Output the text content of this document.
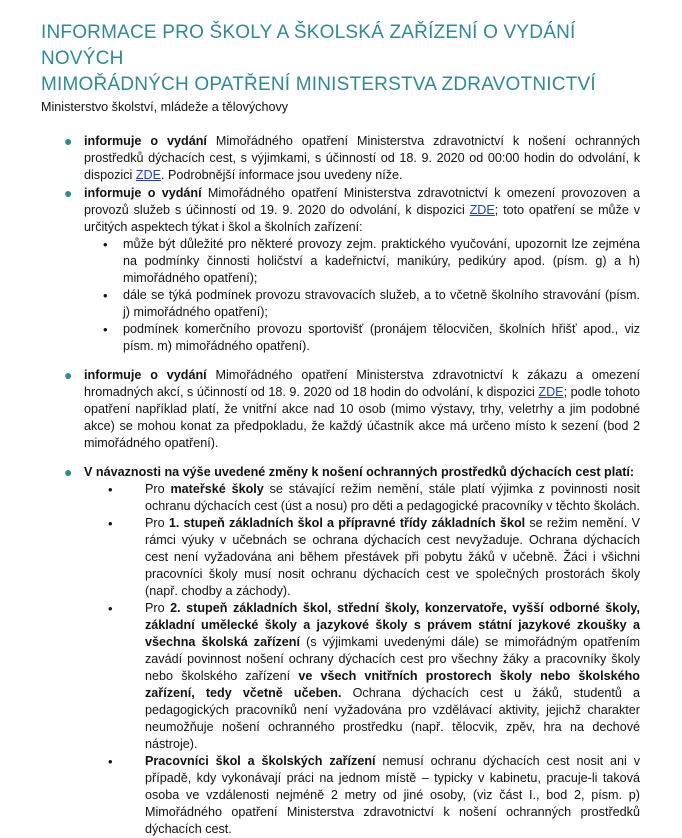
INFORMACE PRO ŠKOLY A ŠKOLSKÁ ZAŘÍZENÍ O VYDÁNÍ NOVÝCH
MIMOŘÁDNÝCH OPATŘENÍ MINISTERSTVA ZDRAVOTNICTVÍ
Ministerstvo školství, mládeže a tělovýchovy
● informuje o vydání Mimořádného opatření Ministerstva zdravotnictví k nošení ochranných prostředků dýchacích cest, s výjimkami, s účinností od 18. 9. 2020 od 00:00 hodin do odvolání, k dispozici ZDE. Podrobnější informace jsou uvedeny níže.
● informuje o vydání Mimořádného opatření Ministerstva zdravotnictví k omezení provozoven a provozů služeb s účinností od 19. 9. 2020 do odvolání, k dispozici ZDE; toto opatření se může v určitých aspektech týkat i škol a školních zařízení:
• může být důležité pro některé provozy zejm. praktického vyučování, upozornit lze zejména na podmínky činnosti holičství a kadeřnictví, manikúry, pedikúry apod. (písm. g) a h) mimořádného opatření);
• dále se týká podmínek provozu stravovacích služeb, a to včetně školního stravování (písm. j) mimořádného opatření);
• podmínek komerčního provozu sportovišť (pronájem tělocvičen, školních hřišť apod., viz písm. m) mimořádného opatření).
● informuje o vydání Mimořádného opatření Ministerstva zdravotnictví k zákazu a omezení hromadných akcí, s účinností od 18. 9. 2020 od 18 hodin do odvolání, k dispozici ZDE; podle tohoto opatření například platí, že vnitřní akce nad 10 osob (mimo výstavy, trhy, veletrhy a jim podobné akce) se mohou konat za předpokladu, že každý účastník akce má určeno místo k sezení (bod 2 mimořádného opatření).
● V návaznosti na výše uvedené změny k nošení ochranných prostředků dýchacích cest platí:
•	Pro mateřské školy se stávající režim nemění, stále platí výjimka z povinnosti nosit ochranu dýchacích cest (úst a nosu) pro děti a pedagogické pracovníky v těchto školách.
•	Pro 1. stupeň základních škol a přípravné třídy základních škol se režim nemění. V rámci výuky v učebnách se ochrana dýchacích cest nevyžaduje. Ochrana dýchacích cest není vyžadována ani během přestávek při pobytu žáků v učebně. Žáci i všichni pracovníci školy musí nosit ochranu dýchacích cest ve společných prostorách školy (např. chodby a záchody).
•	Pro 2. stupeň základních škol, střední školy, konzervatoře, vyšší odborné školy, základní umělecké školy a jazykové školy s právem státní jazykové zkoušky a všechna školská zařízení (s výjimkami uvedenými dále) se mimořádným opatřením zavádí povinnost nošení ochrany dýchacích cest pro všechny žáky a pracovníky školy nebo školského zařízení ve všech vnitřních prostorech školy nebo školského zařízení, tedy včetně učeben. Ochrana dýchacích cest u žáků, studentů a pedagogických pracovníků není vyžadována pro vzdělávací aktivity, jejichž charakter neumožňuje nošení ochranného prostředku (např. tělocvik, zpěv, hra na dechové nástroje).
•	Pracovníci škol a školských zařízení nemusí ochranu dýchacích cest nosit ani v případě, kdy vykonávají práci na jednom místě – typicky v kabinetu, pracuje-li taková osoba ve vzdálenosti nejméně 2 metry od jiné osoby, (viz část I., bod 2, písm. p) Mimořádného opatření Ministerstva zdravotnictví k nošení ochranných prostředků dýchacích cest.
